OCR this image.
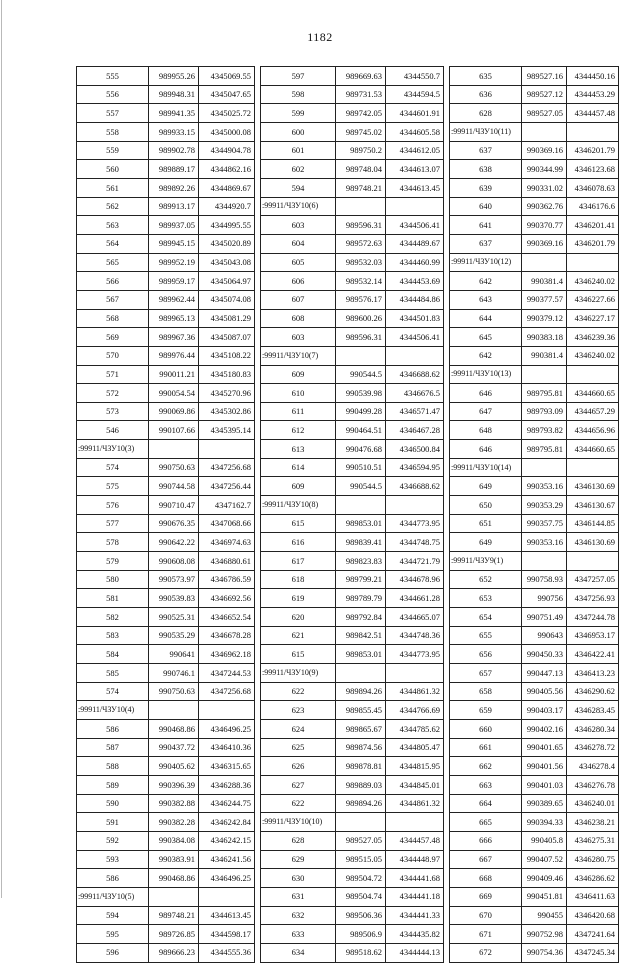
1182
555	989955.26	4345069.55
556	989948.31	4345047.65
557	989941.35	4345025.72
558	989933.15	4345000.08
559	989902.78	4344904.78
560	989889.17	4344862.16
561	989892.26	4344869.67
562	989913.17	4344920.7
563	989937.05	4344995.55
564	989945.15	4345020.89
565	989952.19	4345043.08
566	989959.17	4345064.97
567	989962.44	4345074.08
568	989965.13	4345081.29
569	989967.36	4345087.07
570	989976.44	4345108.22
571	990011.21	4345180.83
572	990054.54	4345270.96
573	990069.86	4345302.86
546	990107.66	4345395.14
:99911/ЧЗУ10(3)		
574	990750.63	4347256.68
575	990744.58	4347256.44
576	990710.47	4347162.7
577	990676.35	4347068.66
578	990642.22	4346974.63
579	990608.08	4346880.61
580	990573.97	4346786.59
581	990539.83	4346692.56
582	990525.31	4346652.54
583	990535.29	4346678.28
584	990641	4346962.18
585	990746.1	4347244.53
574	990750.63	4347256.68
:99911/ЧЗУ10(4)		
586	990468.86	4346496.25
587	990437.72	4346410.36
588	990405.62	4346315.65
589	990396.39	4346288.36
590	990382.88	4346244.75
591	990382.28	4346242.84
592	990384.08	4346242.15
593	990383.91	4346241.56
586	990468.86	4346496.25
:99911/ЧЗУ10(5)		
594	989748.21	4344613.45
595	989726.85	4344598.17
596	989666.23	4344555.36
597	989669.63	4344550.7
598	989731.53	4344594.5
599	989742.05	4344601.91
600	989745.02	4344605.58
601	989750.2	4344612.05
602	989748.04	4344613.07
594	989748.21	4344613.45
:99911/ЧЗУ10(6)		
603	989596.31	4344506.41
604	989572.63	4344489.67
605	989532.03	4344460.99
606	989532.14	4344453.69
607	989576.17	4344484.86
608	989600.26	4344501.83
603	989596.31	4344506.41
:99911/ЧЗУ10(7)		
609	990544.5	4346688.62
610	990539.98	4346676.5
611	990499.28	4346571.47
612	990464.51	4346467.28
613	990476.68	4346500.84
614	990510.51	4346594.95
609	990544.5	4346688.62
:99911/ЧЗУ10(8)		
615	989853.01	4344773.95
616	989839.41	4344748.75
617	989823.83	4344721.79
618	989799.21	4344678.96
619	989789.79	4344661.28
620	989792.84	4344665.07
621	989842.51	4344748.36
615	989853.01	4344773.95
:99911/ЧЗУ10(9)		
622	989894.26	4344861.32
623	989855.45	4344766.69
624	989865.67	4344785.62
625	989874.56	4344805.47
626	989878.81	4344815.95
627	989889.03	4344845.01
622	989894.26	4344861.32
:99911/ЧЗУ10(10)		
628	989527.05	4344457.48
629	989515.05	4344448.97
630	989504.72	4344441.68
631	989504.74	4344441.18
632	989506.36	4344441.33
633	989506.9	4344435.82
634	989518.62	4344444.13
635	989527.16	4344450.16
636	989527.12	4344453.29
628	989527.05	4344457.48
:99911/ЧЗУ10(11)		
637	990369.16	4346201.79
638	990344.99	4346123.68
639	990331.02	4346078.63
640	990362.76	4346176.6
641	990370.77	4346201.41
637	990369.16	4346201.79
:99911/ЧЗУ10(12)		
642	990381.4	4346240.02
643	990377.57	4346227.66
644	990379.12	4346227.17
645	990383.18	4346239.36
642	990381.4	4346240.02
:99911/ЧЗУ10(13)		
646	989795.81	4344660.65
647	989793.09	4344657.29
648	989793.82	4344656.96
646	989795.81	4344660.65
:99911/ЧЗУ10(14)		
649	990353.16	4346130.69
650	990353.29	4346130.67
651	990357.75	4346144.85
649	990353.16	4346130.69
:99911/ЧЗУ9(1)		
652	990758.93	4347257.05
653	990756	4347256.93
654	990751.49	4347244.78
655	990643	4346953.17
656	990450.33	4346422.41
657	990447.13	4346413.23
658	990405.56	4346290.62
659	990403.17	4346283.45
660	990402.16	4346280.34
661	990401.65	4346278.72
662	990401.56	4346278.4
663	990401.03	4346276.78
664	990389.65	4346240.01
665	990394.33	4346238.21
666	990405.8	4346275.31
667	990407.52	4346280.75
668	990409.46	4346286.62
669	990451.81	4346411.63
670	990455	4346420.68
671	990752.98	4347241.64
672	990754.36	4347245.34
